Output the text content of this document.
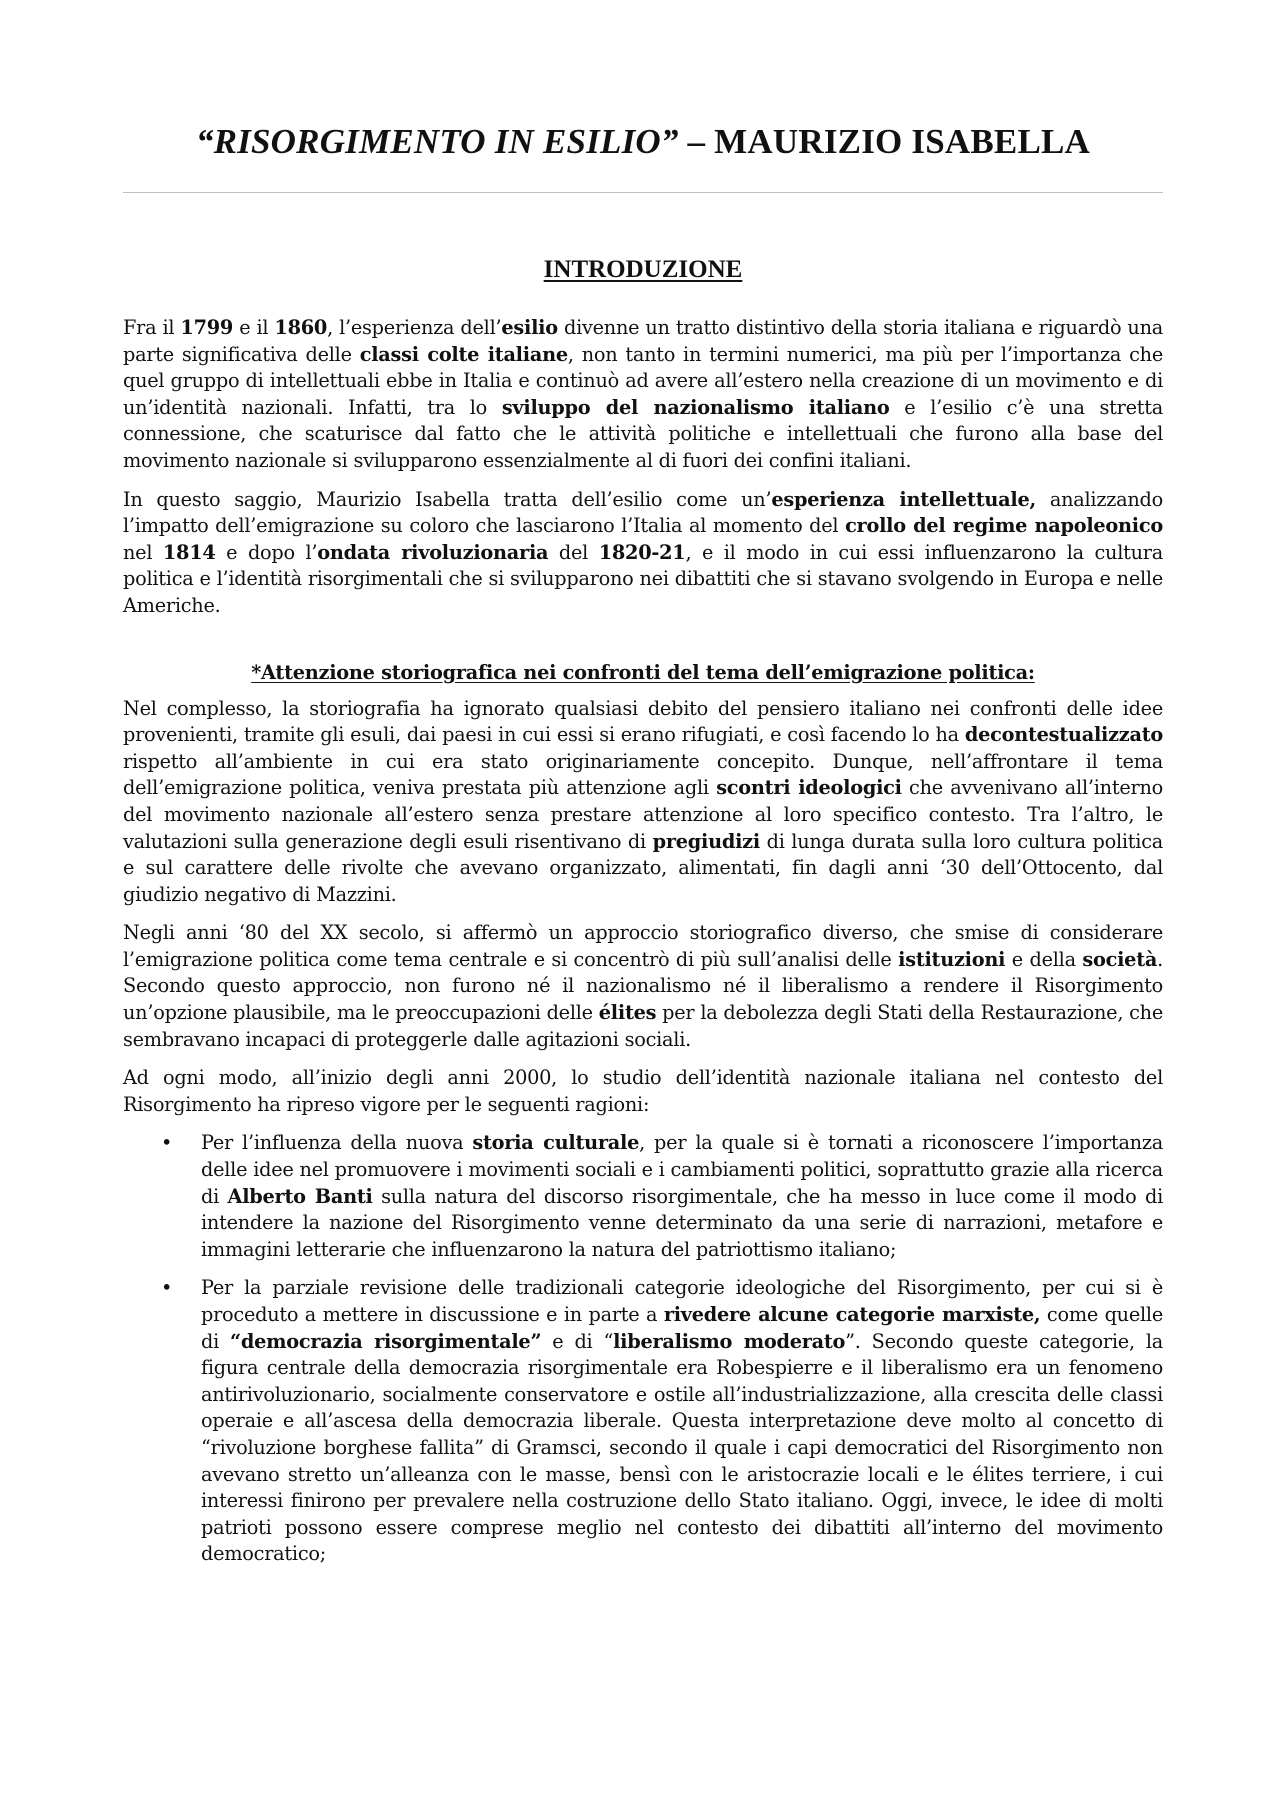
“RISORGIMENTO IN ESILIO” – MAURIZIO ISABELLA
INTRODUZIONE

Fra il 1799 e il 1860, l’esperienza dell’esilio divenne un tratto distintivo della storia italiana e riguardò una parte significativa delle classi colte italiane, non tanto in termini numerici, ma più per l’importanza che quel gruppo di intellettuali ebbe in Italia e continuò ad avere all’estero nella creazione di un movimento e di un’identità nazionali. Infatti, tra lo sviluppo del nazionalismo italiano e l’esilio c’è una stretta connessione, che scaturisce dal fatto che le attività politiche e intellettuali che furono alla base del movimento nazionale si svilupparono essenzialmente al di fuori dei confini italiani.

In questo saggio, Maurizio Isabella tratta dell’esilio come un’esperienza intellettuale, analizzando l’impatto dell’emigrazione su coloro che lasciarono l’Italia al momento del crollo del regime napoleonico nel 1814 e dopo l’ondata rivoluzionaria del 1820-21, e il modo in cui essi influenzarono la cultura politica e l’identità risorgimentali che si svilupparono nei dibattiti che si stavano svolgendo in Europa e nelle Americhe.

*Attenzione storiografica nei confronti del tema dell’emigrazione politica:

Nel complesso, la storiografia ha ignorato qualsiasi debito del pensiero italiano nei confronti delle idee provenienti, tramite gli esuli, dai paesi in cui essi si erano rifugiati, e così facendo lo ha decontestualizzato rispetto all’ambiente in cui era stato originariamente concepito. Dunque, nell’affrontare il tema dell’emigrazione politica, veniva prestata più attenzione agli scontri ideologici che avvenivano all’interno del movimento nazionale all’estero senza prestare attenzione al loro specifico contesto. Tra l’altro, le valutazioni sulla generazione degli esuli risentivano di pregiudizi di lunga durata sulla loro cultura politica e sul carattere delle rivolte che avevano organizzato, alimentati, fin dagli anni ‘30 dell’Ottocento, dal giudizio negativo di Mazzini.

Negli anni ‘80 del XX secolo, si affermò un approccio storiografico diverso, che smise di considerare l’emigrazione politica come tema centrale e si concentrò di più sull’analisi delle istituzioni e della società. Secondo questo approccio, non furono né il nazionalismo né il liberalismo a rendere il Risorgimento un’opzione plausibile, ma le preoccupazioni delle élites per la debolezza degli Stati della Restaurazione, che sembravano incapaci di proteggerle dalle agitazioni sociali.

Ad ogni modo, all’inizio degli anni 2000, lo studio dell’identità nazionale italiana nel contesto del Risorgimento ha ripreso vigore per le seguenti ragioni:

• Per l’influenza della nuova storia culturale, per la quale si è tornati a riconoscere l’importanza delle idee nel promuovere i movimenti sociali e i cambiamenti politici, soprattutto grazie alla ricerca di Alberto Banti sulla natura del discorso risorgimentale, che ha messo in luce come il modo di intendere la nazione del Risorgimento venne determinato da una serie di narrazioni, metafore e immagini letterarie che influenzarono la natura del patriottismo italiano;
• Per la parziale revisione delle tradizionali categorie ideologiche del Risorgimento, per cui si è proceduto a mettere in discussione e in parte a rivedere alcune categorie marxiste, come quelle di “democrazia risorgimentale” e di “liberalismo moderato”. Secondo queste categorie, la figura centrale della democrazia risorgimentale era Robespierre e il liberalismo era un fenomeno antirivoluzionario, socialmente conservatore e ostile all’industrializzazione, alla crescita delle classi operaie e all’ascesa della democrazia liberale. Questa interpretazione deve molto al concetto di “rivoluzione borghese fallita” di Gramsci, secondo il quale i capi democratici del Risorgimento non avevano stretto un’alleanza con le masse, bensì con le aristocrazie locali e le élites terriere, i cui interessi finirono per prevalere nella costruzione dello Stato italiano. Oggi, invece, le idee di molti patrioti possono essere comprese meglio nel contesto dei dibattiti all’interno del movimento democratico;
